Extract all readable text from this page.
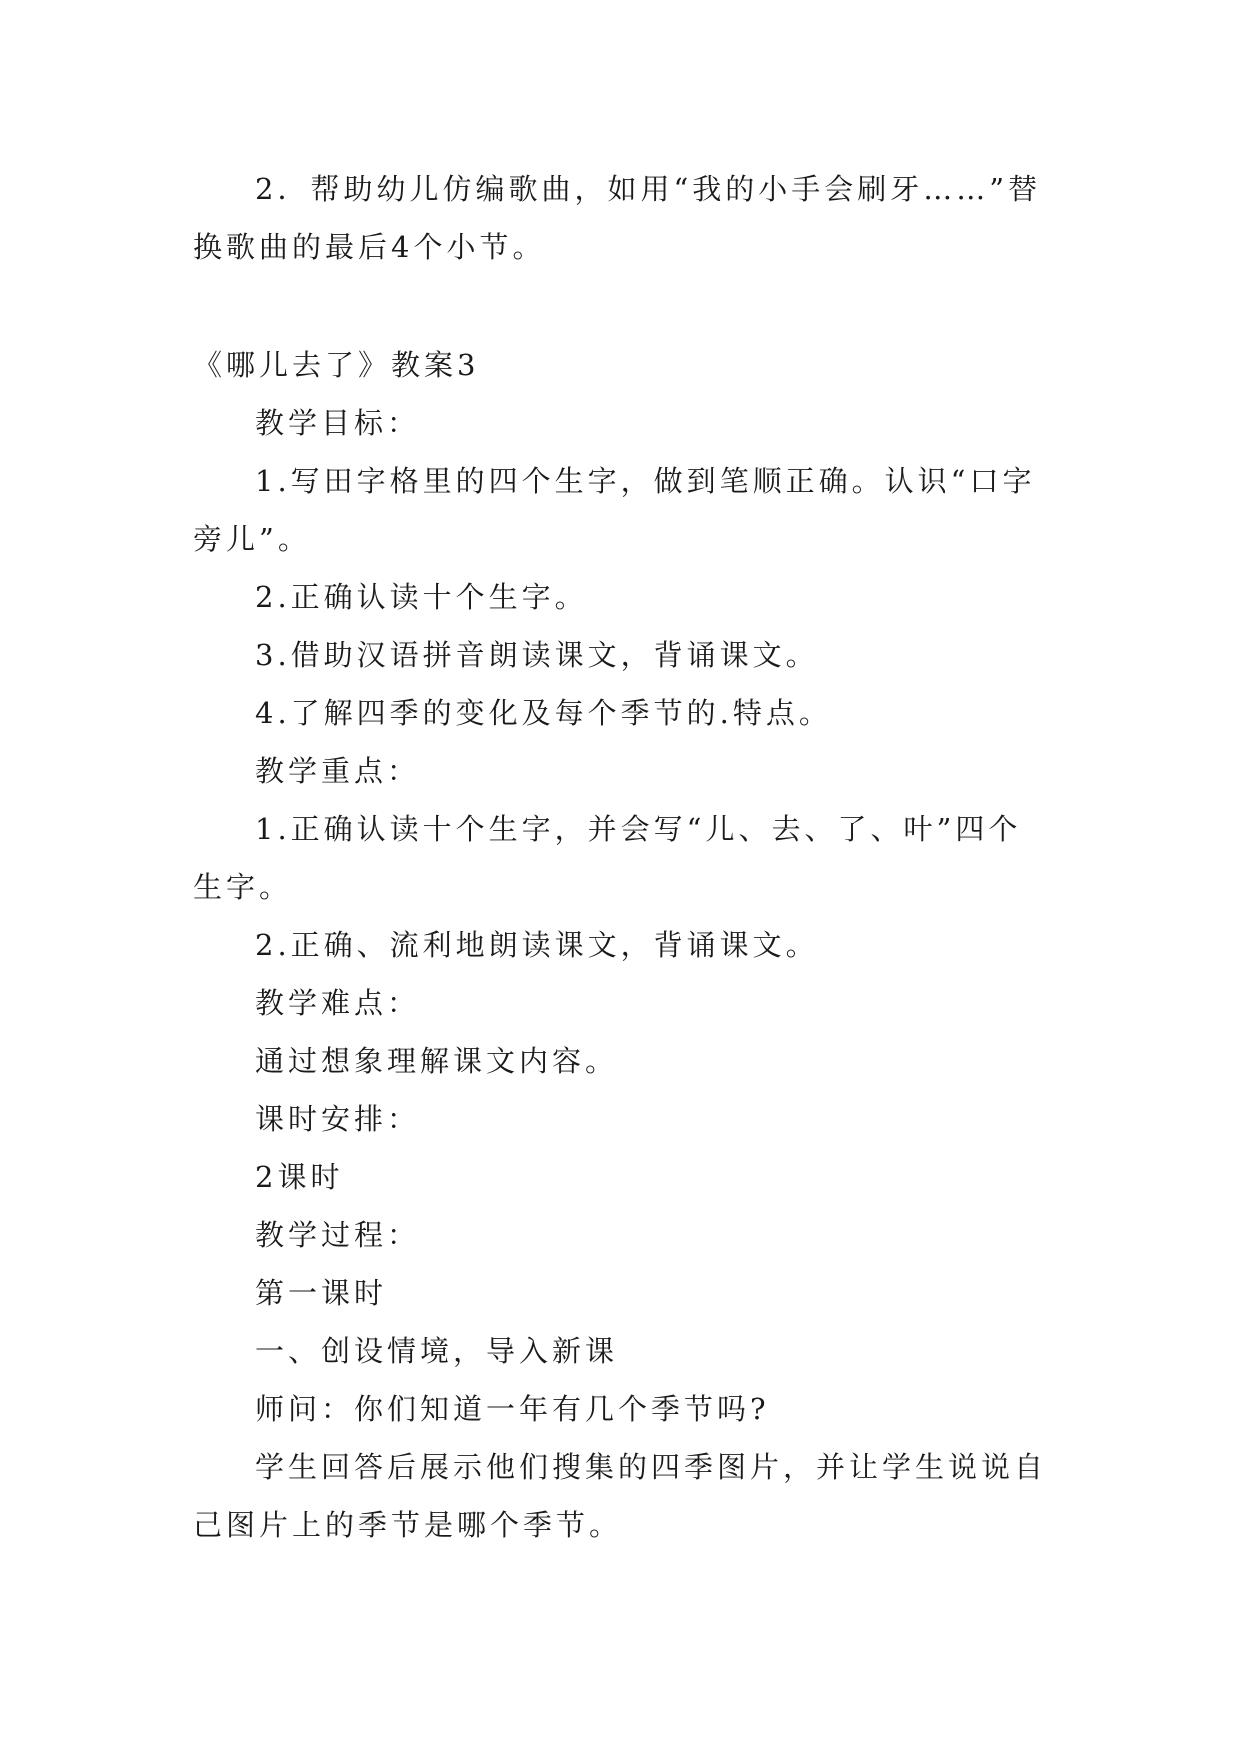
2．帮助幼儿仿编歌曲，如用“我的小手会刷牙……”替换歌曲的最后4个小节。

《哪儿去了》教案3

教学目标：

1.写田字格里的四个生字，做到笔顺正确。认识“口字旁儿”。

2.正确认读十个生字。

3.借助汉语拼音朗读课文，背诵课文。

4.了解四季的变化及每个季节的.特点。

教学重点：

1.正确认读十个生字，并会写“儿、去、了、叶”四个生字。

2.正确、流利地朗读课文，背诵课文。

教学难点：

通过想象理解课文内容。

课时安排：

2课时

教学过程：

第一课时

一、创设情境，导入新课

师问：你们知道一年有几个季节吗?

学生回答后展示他们搜集的四季图片，并让学生说说自己图片上的季节是哪个季节。
